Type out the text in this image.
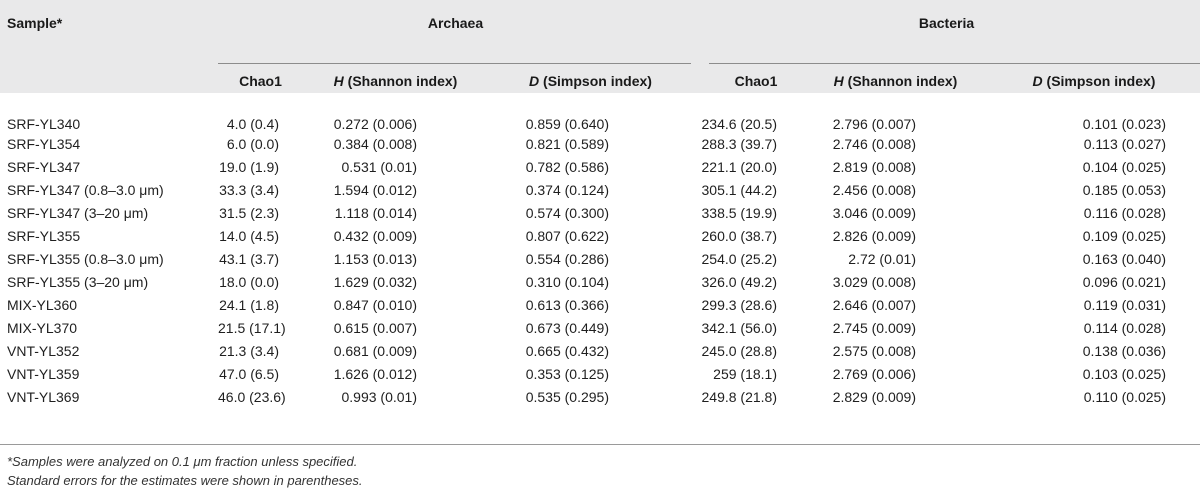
Sample*	Archaea			Bacteria		

	Chao1	H (Shannon index)	D (Simpson index)	Chao1	H (Shannon index)	D (Simpson index)
SRF-YL340	4.0 (0.4)	0.272 (0.006)	0.859 (0.640)	234.6 (20.5)	2.796 (0.007)	0.101 (0.023)
SRF-YL354	6.0 (0.0)	0.384 (0.008)	0.821 (0.589)	288.3 (39.7)	2.746 (0.008)	0.113 (0.027)
SRF-YL347	19.0 (1.9)	0.531 (0.01)	0.782 (0.586)	221.1 (20.0)	2.819 (0.008)	0.104 (0.025)
SRF-YL347 (0.8–3.0 μm)	33.3 (3.4)	1.594 (0.012)	0.374 (0.124)	305.1 (44.2)	2.456 (0.008)	0.185 (0.053)
SRF-YL347 (3–20 μm)	31.5 (2.3)	1.118 (0.014)	0.574 (0.300)	338.5 (19.9)	3.046 (0.009)	0.116 (0.028)
SRF-YL355	14.0 (4.5)	0.432 (0.009)	0.807 (0.622)	260.0 (38.7)	2.826 (0.009)	0.109 (0.025)
SRF-YL355 (0.8–3.0 μm)	43.1 (3.7)	1.153 (0.013)	0.554 (0.286)	254.0 (25.2)	2.72 (0.01)	0.163 (0.040)
SRF-YL355 (3–20 μm)	18.0 (0.0)	1.629 (0.032)	0.310 (0.104)	326.0 (49.2)	3.029 (0.008)	0.096 (0.021)
MIX-YL360	24.1 (1.8)	0.847 (0.010)	0.613 (0.366)	299.3 (28.6)	2.646 (0.007)	0.119 (0.031)
MIX-YL370	21.5 (17.1)	0.615 (0.007)	0.673 (0.449)	342.1 (56.0)	2.745 (0.009)	0.114 (0.028)
VNT-YL352	21.3 (3.4)	0.681 (0.009)	0.665 (0.432)	245.0 (28.8)	2.575 (0.008)	0.138 (0.036)
VNT-YL359	47.0 (6.5)	1.626 (0.012)	0.353 (0.125)	259 (18.1)	2.769 (0.006)	0.103 (0.025)
VNT-YL369	46.0 (23.6)	0.993 (0.01)	0.535 (0.295)	249.8 (21.8)	2.829 (0.009)	0.110 (0.025)
*Samples were analyzed on 0.1 μm fraction unless specified.
Standard errors for the estimates were shown in parentheses.
